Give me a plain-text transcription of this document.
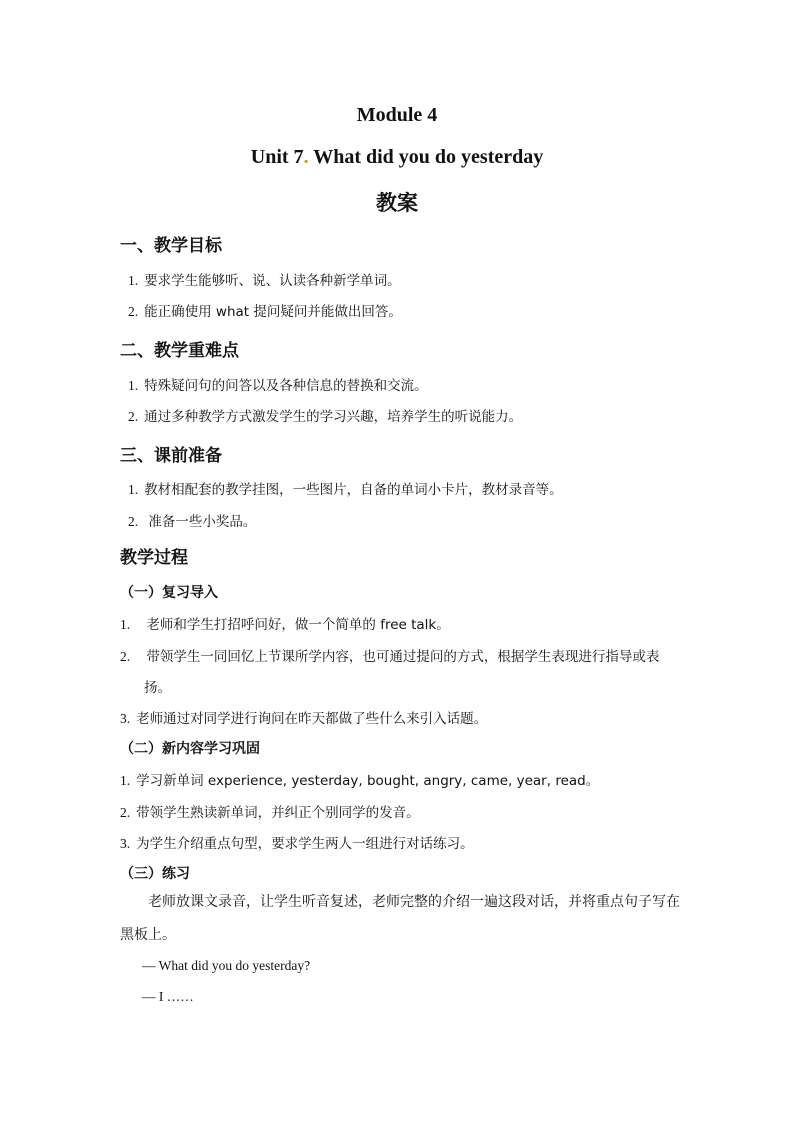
Module 4
Unit 7. What did you do yesterday
教案
一、教学目标
1. 要求学生能够听、说、认读各种新学单词。
2. 能正确使用 what 提问疑问并能做出回答。
二、教学重难点
1. 特殊疑问句的问答以及各种信息的替换和交流。
2. 通过多种教学方式激发学生的学习兴趣，培养学生的听说能力。
三、课前准备
1. 教材相配套的教学挂图，一些图片，自备的单词小卡片，教材录音等。
2. 准备一些小奖品。
教学过程
（一）复习导入
1. 老师和学生打招呼问好，做一个简单的 free talk。
2. 带领学生一同回忆上节课所学内容，也可通过提问的方式，根据学生表现进行指导或表
扬。
3. 老师通过对同学进行询问在昨天都做了些什么来引入话题。
（二）新内容学习巩固
1. 学习新单词 experience, yesterday, bought, angry, came, year, read。
2. 带领学生熟读新单词，并纠正个别同学的发音。
3. 为学生介绍重点句型，要求学生两人一组进行对话练习。
（三）练习
老师放课文录音，让学生听音复述，老师完整的介绍一遍这段对话，并将重点句子写在黑板上。
— What did you do yesterday?
— I ……
